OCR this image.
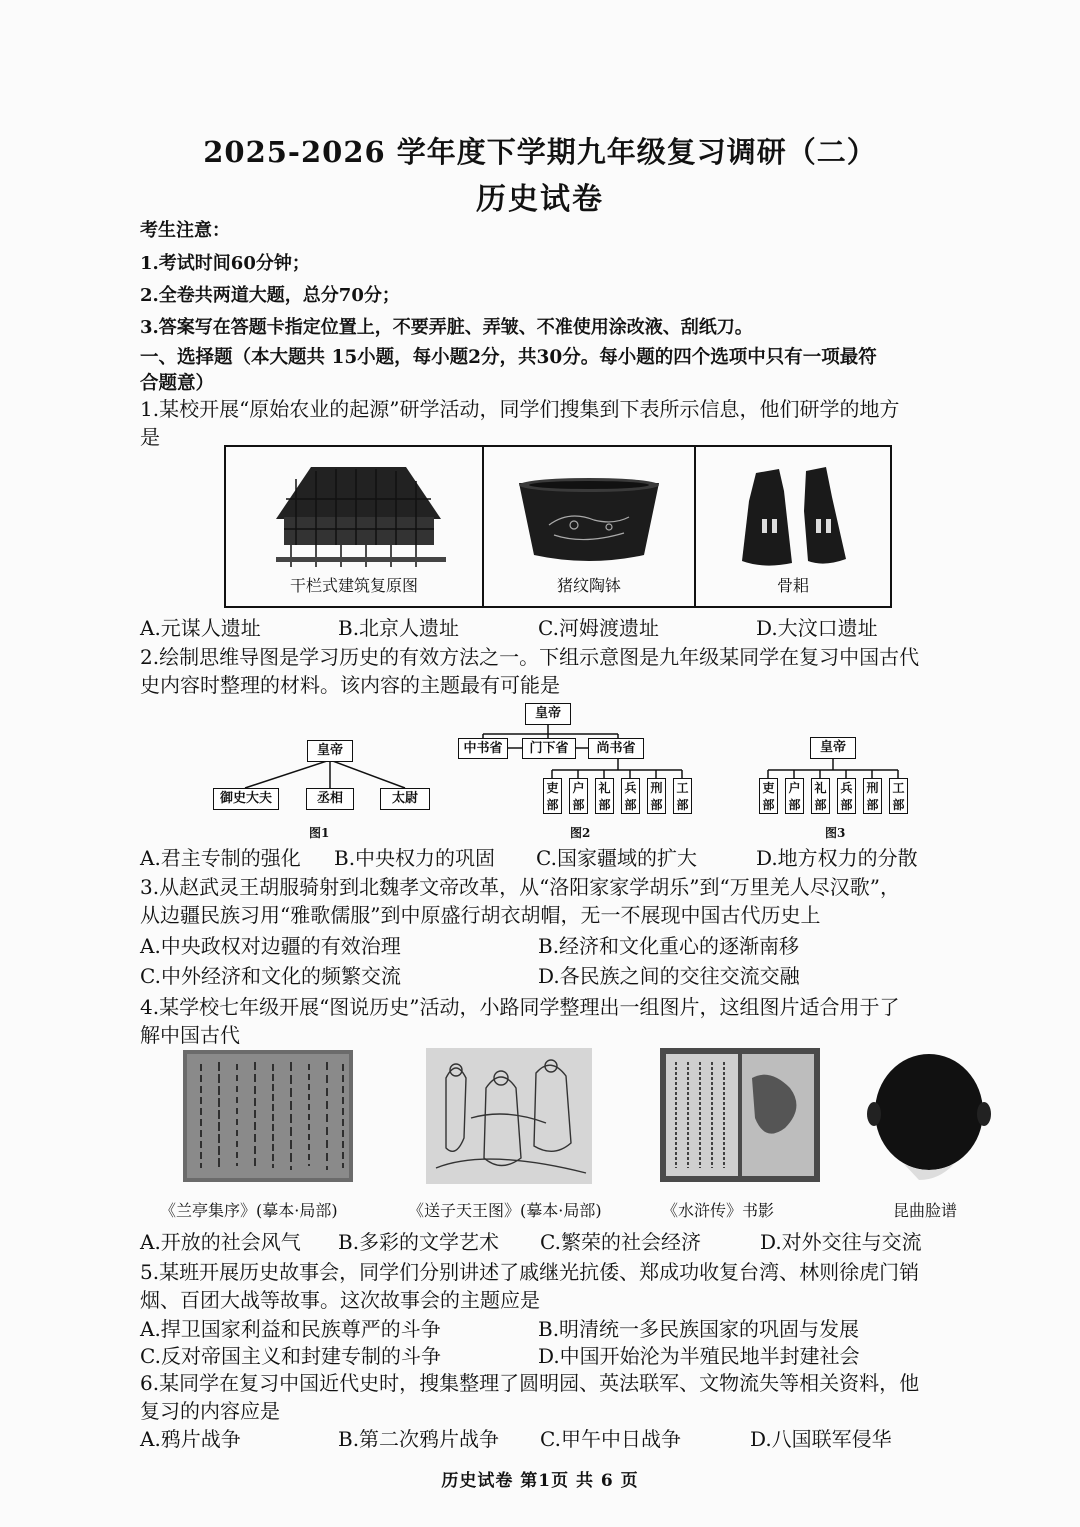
2025-2026 学年度下学期九年级复习调研（二）
历史试卷
考生注意：
1.考试时间60分钟；
2.全卷共两道大题，总分70分；
3.答案写在答题卡指定位置上，不要弄脏、弄皱、不准使用涂改液、刮纸刀。
一、选择题（本大题共 15小题，每小题2分，共30分。每小题的四个选项中只有一项最符
合题意）
1.某校开展“原始农业的起源”研学活动，同学们搜集到下表所示信息，他们研学的地方
是
干栏式建筑复原图	猪纹陶钵	骨耜
A.元谋人遗址	B.北京人遗址	C.河姆渡遗址	D.大汶口遗址
2.绘制思维导图是学习历史的有效方法之一。下组示意图是九年级某同学在复习中国古代
史内容时整理的材料。该内容的主题最有可能是
皇帝
御史大夫	丞相	太尉
图1
皇帝
中书省	门下省	尚书省
吏
部
户
部
礼
部
兵
部
刑
部
工
部
图2
皇帝
吏
部
户
部
礼
部
兵
部
刑
部
工
部
图3
A.君主专制的强化 B.中央权力的巩固 C.国家疆域的扩大	D.地方权力的分散
3.从赵武灵王胡服骑射到北魏孝文帝改革，从“洛阳家家学胡乐”到“万里羌人尽汉歌”，
从边疆民族习用“雅歌儒服”到中原盛行胡衣胡帽，无一不展现中国古代历史上
A.中央政权对边疆的有效治理	B.经济和文化重心的逐渐南移
C.中外经济和文化的频繁交流	D.各民族之间的交往交流交融
4.某学校七年级开展“图说历史”活动，小路同学整理出一组图片，这组图片适合用于了
解中国古代
《兰亭集序》(摹本·局部)	《送子天王图》(摹本·局部)	《水浒传》书影	昆曲脸谱
A.开放的社会风气 B.多彩的文学艺术 C.繁荣的社会经济	D.对外交往与交流
5.某班开展历史故事会，同学们分别讲述了戚继光抗倭、郑成功收复台湾、林则徐虎门销
烟、百团大战等故事。这次故事会的主题应是
A.捍卫国家利益和民族尊严的斗争	B.明清统一多民族国家的巩固与发展
C.反对帝国主义和封建专制的斗争	D.中国开始沦为半殖民地半封建社会
6.某同学在复习中国近代史时，搜集整理了圆明园、英法联军、文物流失等相关资料，他
复习的内容应是
A.鸦片战争	B.第二次鸦片战争 C.甲午中日战争	D.八国联军侵华
历史试卷 第1页 共 6 页
